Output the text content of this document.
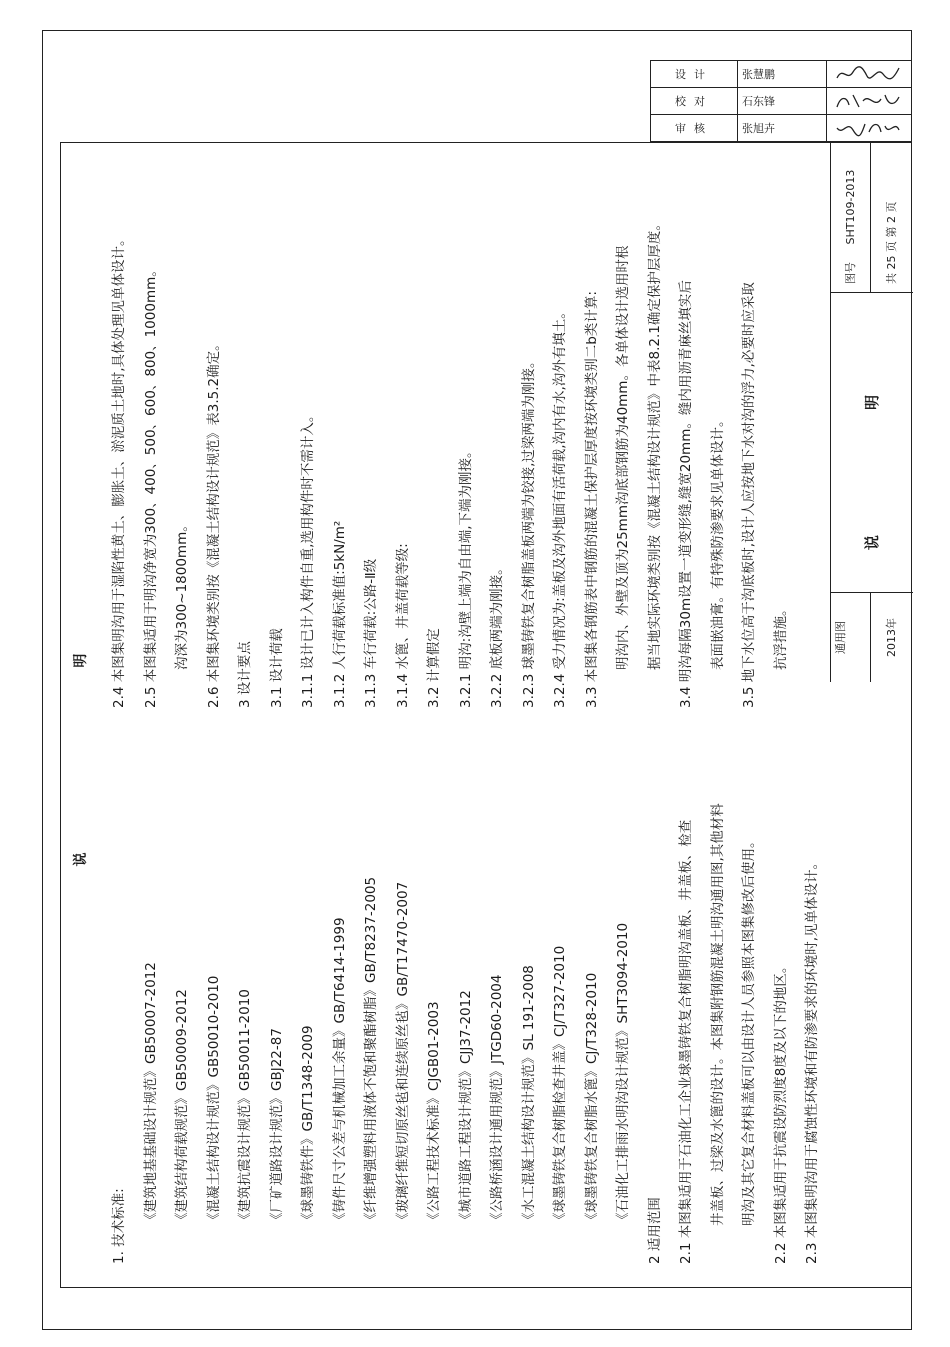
设计	张慧鹏	

校对	石东锋	

审核	张旭卉	
说 明
1. 技术标准:
《建筑地基基础设计规范》GB50007-2012	《建筑结构荷载规范》GB50009-2012	《混凝土结构设计规范》GB50010-2010	《建筑抗震设计规范》GB50011-2010	《厂矿道路设计规范》GBJ22-87	《球墨铸铁件》GB/T1348-2009	《铸件尺寸公差与机械加工余量》GB/T6414-1999	《纤维增强塑料用液体不饱和聚酯树脂》GB/T8237-2005	《玻璃纤维短切原丝毡和连续原丝毡》GB/T17470-2007	《公路工程技术标准》CJGB01-2003	《城市道路工程设计规范》CJJ37-2012	《公路桥涵设计通用规范》JTGD60-2004	《水工混凝土结构设计规范》SL 191-2008	《球墨铸铁复合树脂检查井盖》CJ/T327-2010	《球墨铸铁复合树脂水篦》CJ/T328-2010	《石油化工排雨水明沟设计规范》SHT3094-2010
2 适用范围	2.1 本图集适用于石油化工企业球墨铸铁复合树脂明沟盖板、井盖板、检查	井盖板、过梁及水篦的设计。本图集附钢筋混凝土明沟通用图,其他材料	明沟及其它复合材料盖板可以由设计人员参照本图集修改后使用。	2.2 本图集适用于抗震设防烈度8度及以下的地区。	2.3 本图集明沟用于腐蚀性环境和有防渗要求的环境时,见单体设计。
2.4 本图集明沟用于湿陷性黄土、膨胀土、淤泥质土地时,具体处理见单体设计。	2.5 本图集适用于明沟净宽为300、400、500、600、800、1000mm。	沟深为300~1800mm。	2.6 本图集环境类别按《混凝土结构设计规范》表3.5.2确定。	3 设计要点	3.1 设计荷载	3.1.1 设计已计入构件自重,选用构件时不需计入。	3.1.2 人行荷载标准值:5kN/m²	3.1.3 车行荷载:公路-Ⅱ级	3.1.4 水篦、井盖荷载等级:	3.2 计算假定	3.2.1 明沟:沟壁上端为自由端,下端为刚接。	3.2.2 底板两端为刚接。	3.2.3 球墨铸铁复合树脂盖板两端为铰接,过梁两端为刚接。	3.2.4 受力情况为:盖板及沟外地面有活荷载,沟内有水,沟外有填土。	3.3 本图集各钢筋表中钢筋的混凝土保护层厚度按环境类别二b类计算:	明沟内、外壁及顶为25mm沟底部钢筋为40mm。各单体设计选用时根	据当地实际环境类别按《混凝土结构设计规范》中表8.2.1确定保护层厚度。	3.4 明沟每隔30m设置一道变形缝,缝宽20mm。缝内用沥青麻丝填实后	表面嵌油膏。有特殊防渗要求见单体设计。	3.5 地下水位高于沟底板时,设计人应按地下水对沟的浮力,必要时应采取	抗浮措施。	通用图	2013年
说 明
图号 SHT109-2013	共 25 页 第 2 页
